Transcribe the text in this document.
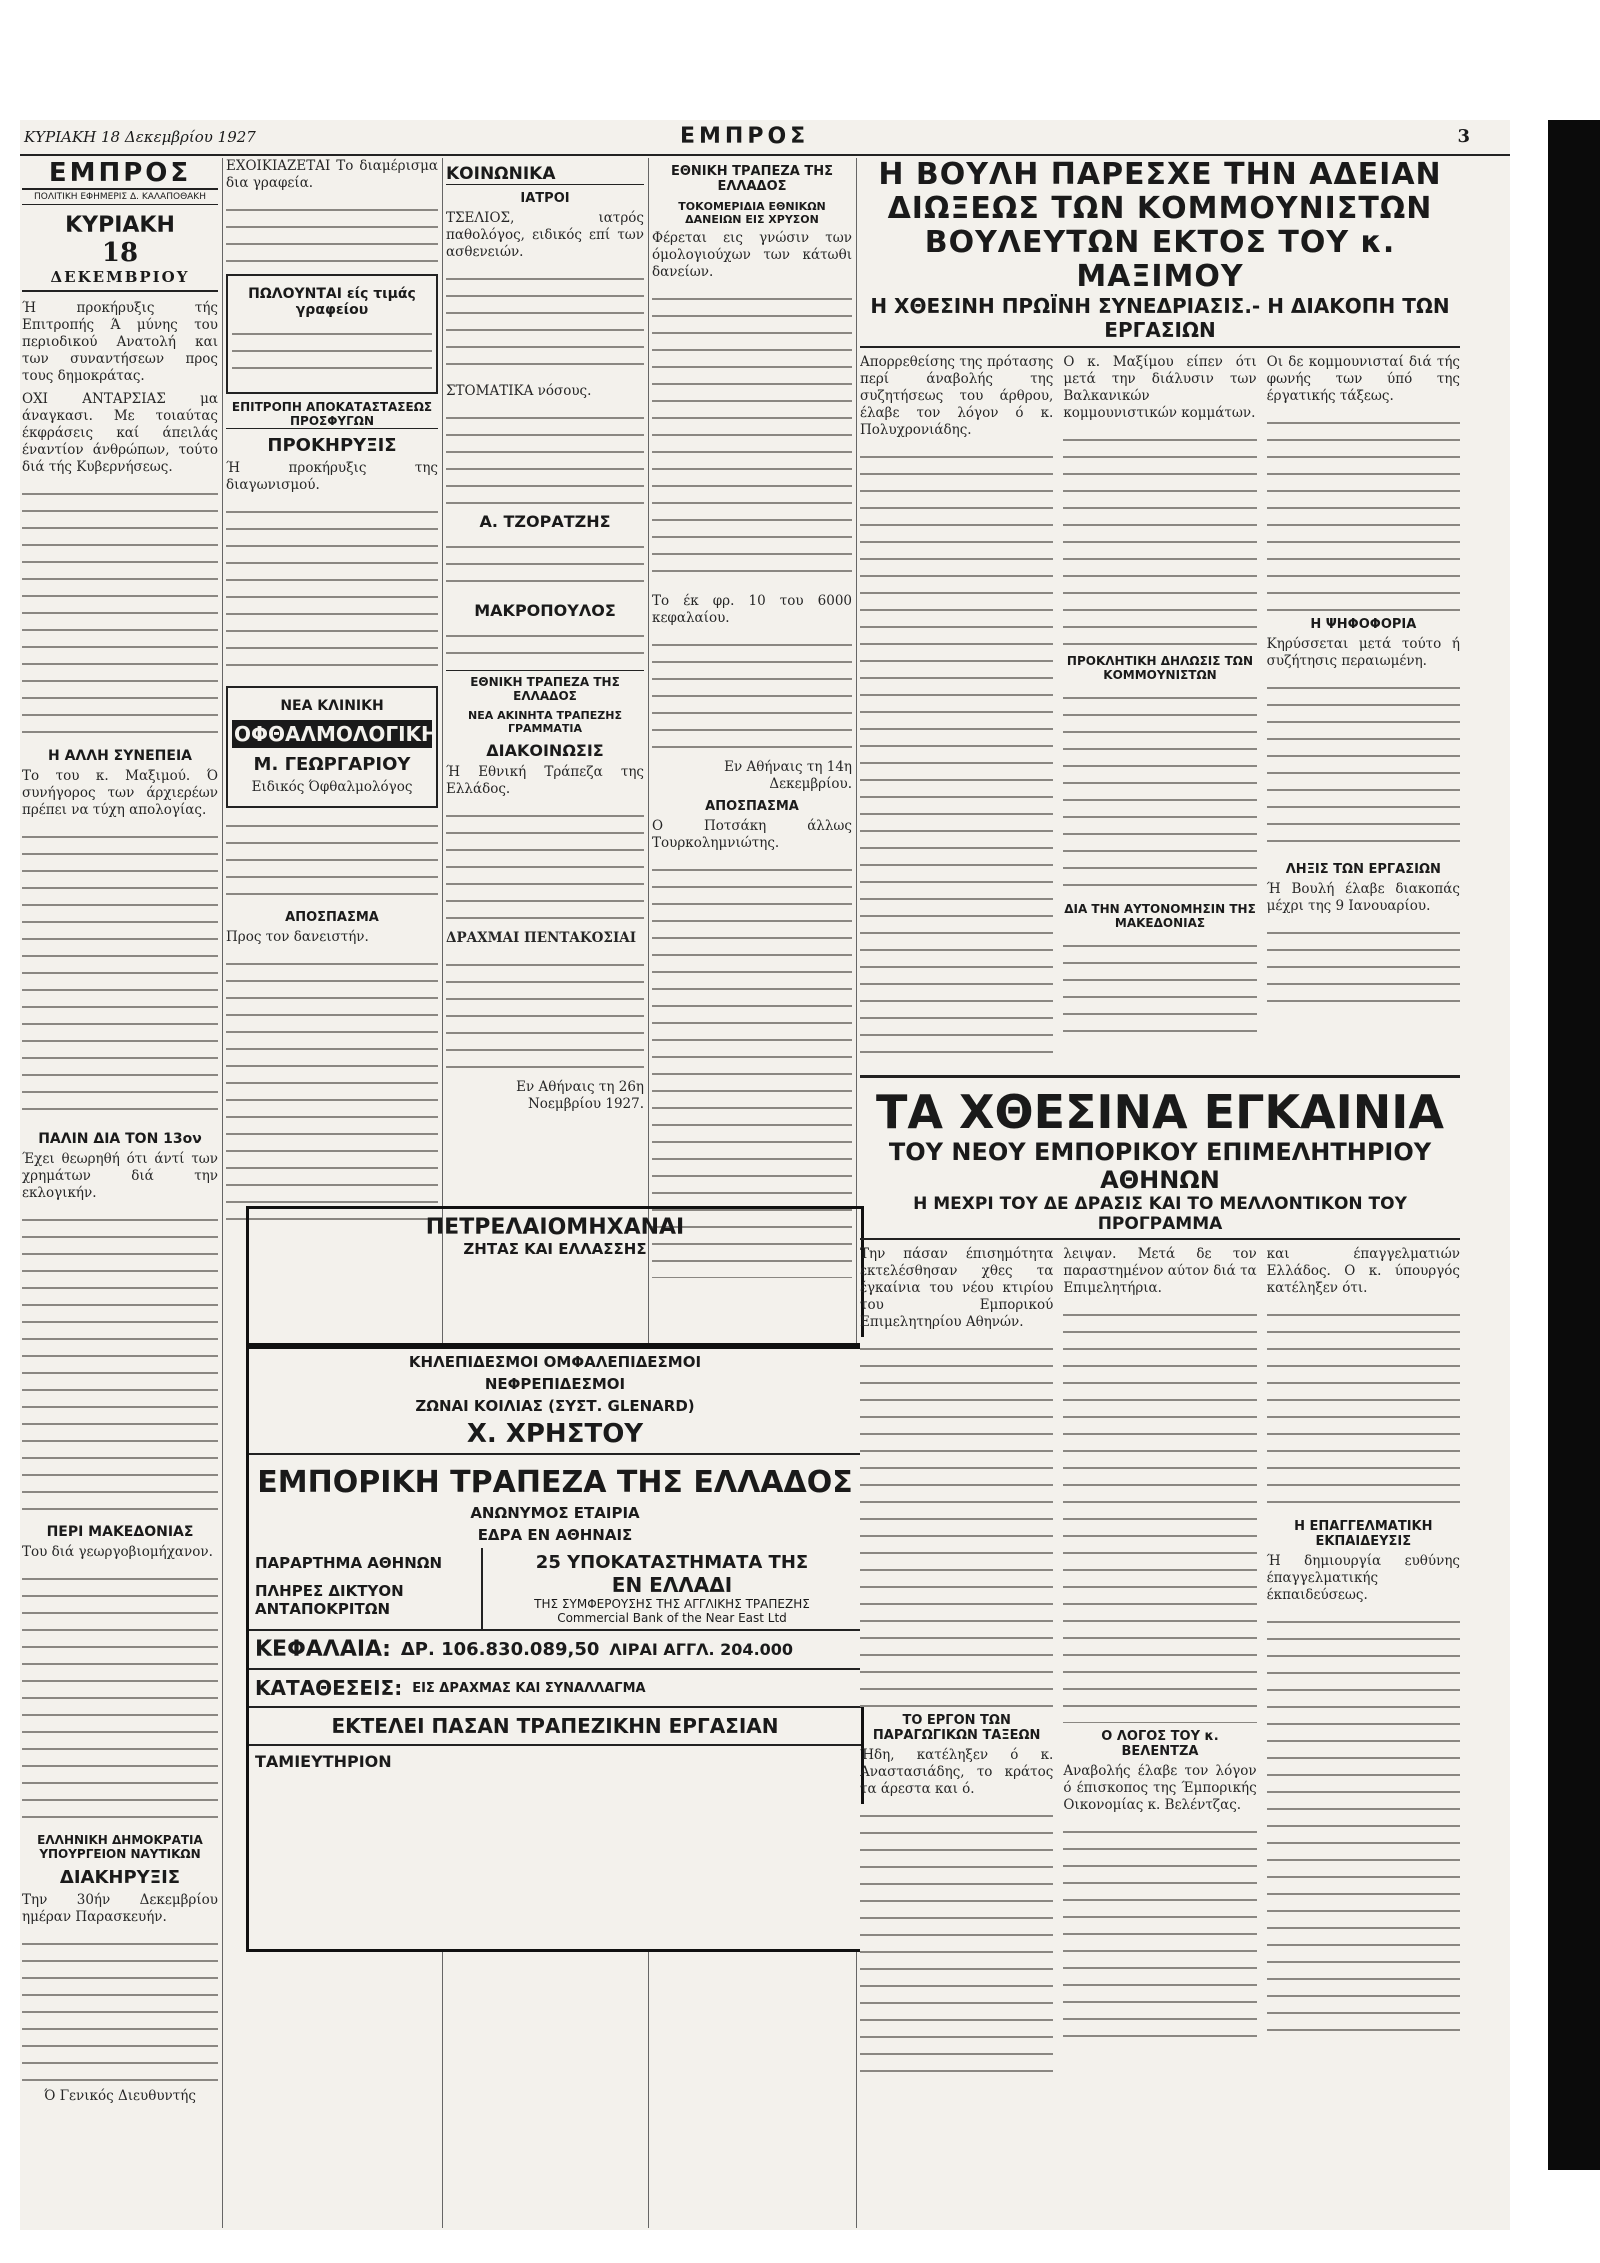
ΚΥΡΙΑΚΗ 18 Δεκεμβρίου 1927	ΕΜΠΡΟΣ	3
ΕΜΠΡΟΣ
ΠΟΛΙΤΙΚΗ ΕΦΗΜΕΡΙΣ Δ. ΚΑΛΑΠΟΘΑΚΗ
ΚΥΡΙΑΚΗ
18
ΔΕΚΕΜΒΡΙΟΥ

Ή προκήρυξις τής Επιτροπής Ά μύνης του περιοδικού Ανατολή και των συναντήσεων προς τους δημοκράτας.

ΟΧΙ ΑΝΤΑΡΣΙΑΣ μα άναγκασι. Με τοιαύτας έκφράσεις καί άπειλάς έναντίον άνθρώπων, τούτο διά τής Κυβερνήσεως.

Η ΑΛΛΗ ΣΥΝΕΠΕΙΑ

Το του κ. Μαξιμού. Ό συνήγορος των άρχιερέων πρέπει να τύχη απολογίας.

ΠΑΛΙΝ ΔΙΑ ΤΟΝ 13ον

Έχει θεωρηθή ότι άντί των χρημάτων διά την εκλογικήν.

ΠΕΡΙ ΜΑΚΕΔΟΝΙΑΣ

Του διά γεωργοβιομήχανον.

ΕΛΛΗΝΙΚΗ ΔΗΜΟΚΡΑΤΙΑ ΥΠΟΥΡΓΕΙΟΝ ΝΑΥΤΙΚΩΝ
ΔΙΑΚΗΡΥΞΙΣ

Την 30ήν Δεκεμβρίου ημέραν Παρασκευήν.

Ό Γενικός Διευθυντής

ΕΧΟΙΚΙΑΖΕΤΑΙ Το διαμέρισμα δια γραφεία.

ΠΩΛΟΥΝΤΑΙ είς τιμάς γραφείου

ΕΠΙΤΡΟΠΗ ΑΠΟΚΑΤΑΣΤΑΣΕΩΣ ΠΡΟΣΦΥΓΩΝ
ΠΡΟΚΗΡΥΞΙΣ

Ή προκήρυξις της διαγωνισμού.

ΝΕΑ ΚΛΙΝΙΚΗ
ΟΦΘΑΛΜΟΛΟΓΙΚΗ
Μ. ΓΕΩΡΓΑΡΙΟΥ

Ειδικός Όφθαλμολόγος

ΑΠΟΣΠΑΣΜΑ

Προς τον δανειστήν.

ΚΟΙΝΩΝΙΚΑ
ΙΑΤΡΟΙ

ΤΣΕΛΙΟΣ, ιατρός παθολόγος, ειδικός επί των ασθενειών.

ΣΤΟΜΑΤΙΚΑ νόσους.

Α. ΤΖΟΡΑΤΖΗΣ

ΜΑΚΡΟΠΟΥΛΟΣ

ΕΘΝΙΚΗ ΤΡΑΠΕΖΑ ΤΗΣ ΕΛΛΑΔΟΣ
ΝΕΑ ΑΚΙΝΗΤΑ ΤΡΑΠΕΖΗΣ ΓΡΑΜΜΑΤΙΑ
ΔΙΑΚΟΙΝΩΣΙΣ

Ή Εθνική Τράπεζα της Ελλάδος.

ΔΡΑΧΜΑΙ ΠΕΝΤΑΚΟΣΙΑΙ

Εν Αθήναις τη 26η Νοεμβρίου 1927.

ΕΘΝΙΚΗ ΤΡΑΠΕΖΑ ΤΗΣ ΕΛΛΑΔΟΣ
ΤΟΚΟΜΕΡΙΔΙΑ ΕΘΝΙΚΩΝ ΔΑΝΕΙΩΝ ΕΙΣ ΧΡΥΣΟΝ

Φέρεται εις γνώσιν των όμολογιούχων των κάτωθι δανείων.

Το έκ φρ. 10 του 6000 κεφαλαίου.

Εν Αθήναις τη 14η Δεκεμβρίου.

ΑΠΟΣΠΑΣΜΑ

Ο Ποτσάκη άλλως Τουρκολημνιώτης.

ΠΕΤΡΕΛΑΙΟΜΗΧΑΝΑΙ
ΖΗΤΑΣ ΚΑΙ ΕΛΛΑΣΣΗΣ
ΚΗΛΕΠΙΔΕΣΜΟΙ ΟΜΦΑΛΕΠΙΔΕΣΜΟΙ
ΝΕΦΡΕΠΙΔΕΣΜΟΙ
ΖΩΝΑΙ ΚΟΙΛΙΑΣ (ΣΥΣΤ. GLENARD)
Χ. ΧΡΗΣΤΟΥ
ΕΜΠΟΡΙΚΗ ΤΡΑΠΕΖΑ ΤΗΣ ΕΛΛΑΔΟΣ
ΑΝΩΝΥΜΟΣ ΕΤΑΙΡΙΑ
ΕΔΡΑ ΕΝ ΑΘΗΝΑΙΣ
ΠΑΡΑΡΤΗΜΑ ΑΘΗΝΩΝ
ΠΛΗΡΕΣ ΔΙΚΤΥΟΝ ΑΝΤΑΠΟΚΡΙΤΩΝ
25 ΥΠΟΚΑΤΑΣΤΗΜΑΤΑ ΤΗΣ
ΕΝ ΕΛΛΑΔΙ
ΤΗΣ ΣΥΜΦΕΡΟΥΣΗΣ ΤΗΣ ΑΓΓΛΙΚΗΣ ΤΡΑΠΕΖΗΣ
Commercial Bank of the Near East Ltd
ΚΕΦΑΛΑΙΑ: ΔΡ. 106.830.089,50 ΛΙΡΑΙ ΑΓΓΛ. 204.000
ΚΑΤΑΘΕΣΕΙΣ: ΕΙΣ ΔΡΑΧΜΑΣ ΚΑΙ ΣΥΝΑΛΛΑΓΜΑ
ΕΚΤΕΛΕΙ ΠΑΣΑΝ ΤΡΑΠΕΖΙΚΗΝ ΕΡΓΑΣΙΑΝ
ΤΑΜΙΕΥΤΗΡΙΟΝ
Η ΒΟΥΛΗ ΠΑΡΕΣΧΕ ΤΗΝ ΑΔΕΙΑΝ ΔΙΩΞΕΩΣ ΤΩΝ ΚΟΜΜΟΥΝΙΣΤΩΝ ΒΟΥΛΕΥΤΩΝ ΕΚΤΟΣ ΤΟΥ κ. ΜΑΞΙΜΟΥ
Η ΧΘΕΣΙΝΗ ΠΡΩΪΝΗ ΣΥΝΕΔΡΙΑΣΙΣ.- Η ΔΙΑΚΟΠΗ ΤΩΝ ΕΡΓΑΣΙΩΝ

Απορρεθείσης της πρότασης περί άναβολής της συζητήσεως του άρθρου, έλαβε τον λόγον ό κ. Πολυχρονιάδης.

Ο κ. Μαξίμου είπεν ότι μετά την διάλυσιν των Βαλκανικών κομμουνιστικών κομμάτων.

ΠΡΟΚΛΗΤΙΚΗ ΔΗΛΩΣΙΣ ΤΩΝ ΚΟΜΜΟΥΝΙΣΤΩΝ

ΔΙΑ ΤΗΝ ΑΥΤΟΝΟΜΗΣΙΝ ΤΗΣ ΜΑΚΕΔΟΝΙΑΣ

Οι δε κομμουνισταί διά τής φωνής των ύπό της έργατικής τάξεως.

Η ΨΗΦΟΦΟΡΙΑ

Κηρύσσεται μετά τούτο ή συζήτησις περαιωμένη.

ΛΗΞΙΣ ΤΩΝ ΕΡΓΑΣΙΩΝ

Ή Βουλή έλαβε διακοπάς μέχρι της 9 Ιανουαρίου.

ΤΑ ΧΘΕΣΙΝΑ ΕΓΚΑΙΝΙΑ
ΤΟΥ ΝΕΟΥ ΕΜΠΟΡΙΚΟΥ ΕΠΙΜΕΛΗΤΗΡΙΟΥ ΑΘΗΝΩΝ
Η ΜΕΧΡΙ ΤΟΥ ΔΕ ΔΡΑΣΙΣ ΚΑΙ ΤΟ ΜΕΛΛΟΝΤΙΚΟΝ ΤΟΥ ΠΡΟΓΡΑΜΜΑ

Την πάσαν έπισημότητα εκτελέσθησαν χθες τα έγκαίνια του νέου κτιρίου του Εμπορικού Επιμελητηρίου Αθηνών.

ΤΟ ΕΡΓΟΝ ΤΩΝ ΠΑΡΑΓΩΓΙΚΩΝ ΤΑΞΕΩΝ

Ήδη, κατέληξεν ό κ. Αναστασιάδης, το κράτος τα άρεστα και ό.

λειψαν. Μετά δε τον παραστημένον αύτον διά τα Επιμελητήρια.

Ο ΛΟΓΟΣ ΤΟΥ κ. ΒΕΛΕΝΤΖΑ

Αναβολής έλαβε τον λόγον ό έπισκοπος της Έμπορικής Οικονομίας κ. Βελέντζας.

και έπαγγελματιών Ελλάδος. Ο κ. ύπουργός κατέληξεν ότι.

Η ΕΠΑΓΓΕΛΜΑΤΙΚΗ ΕΚΠΑΙΔΕΥΣΙΣ

Ή δημιουργία ευθύνης έπαγγελματικής έκπαιδεύσεως.
